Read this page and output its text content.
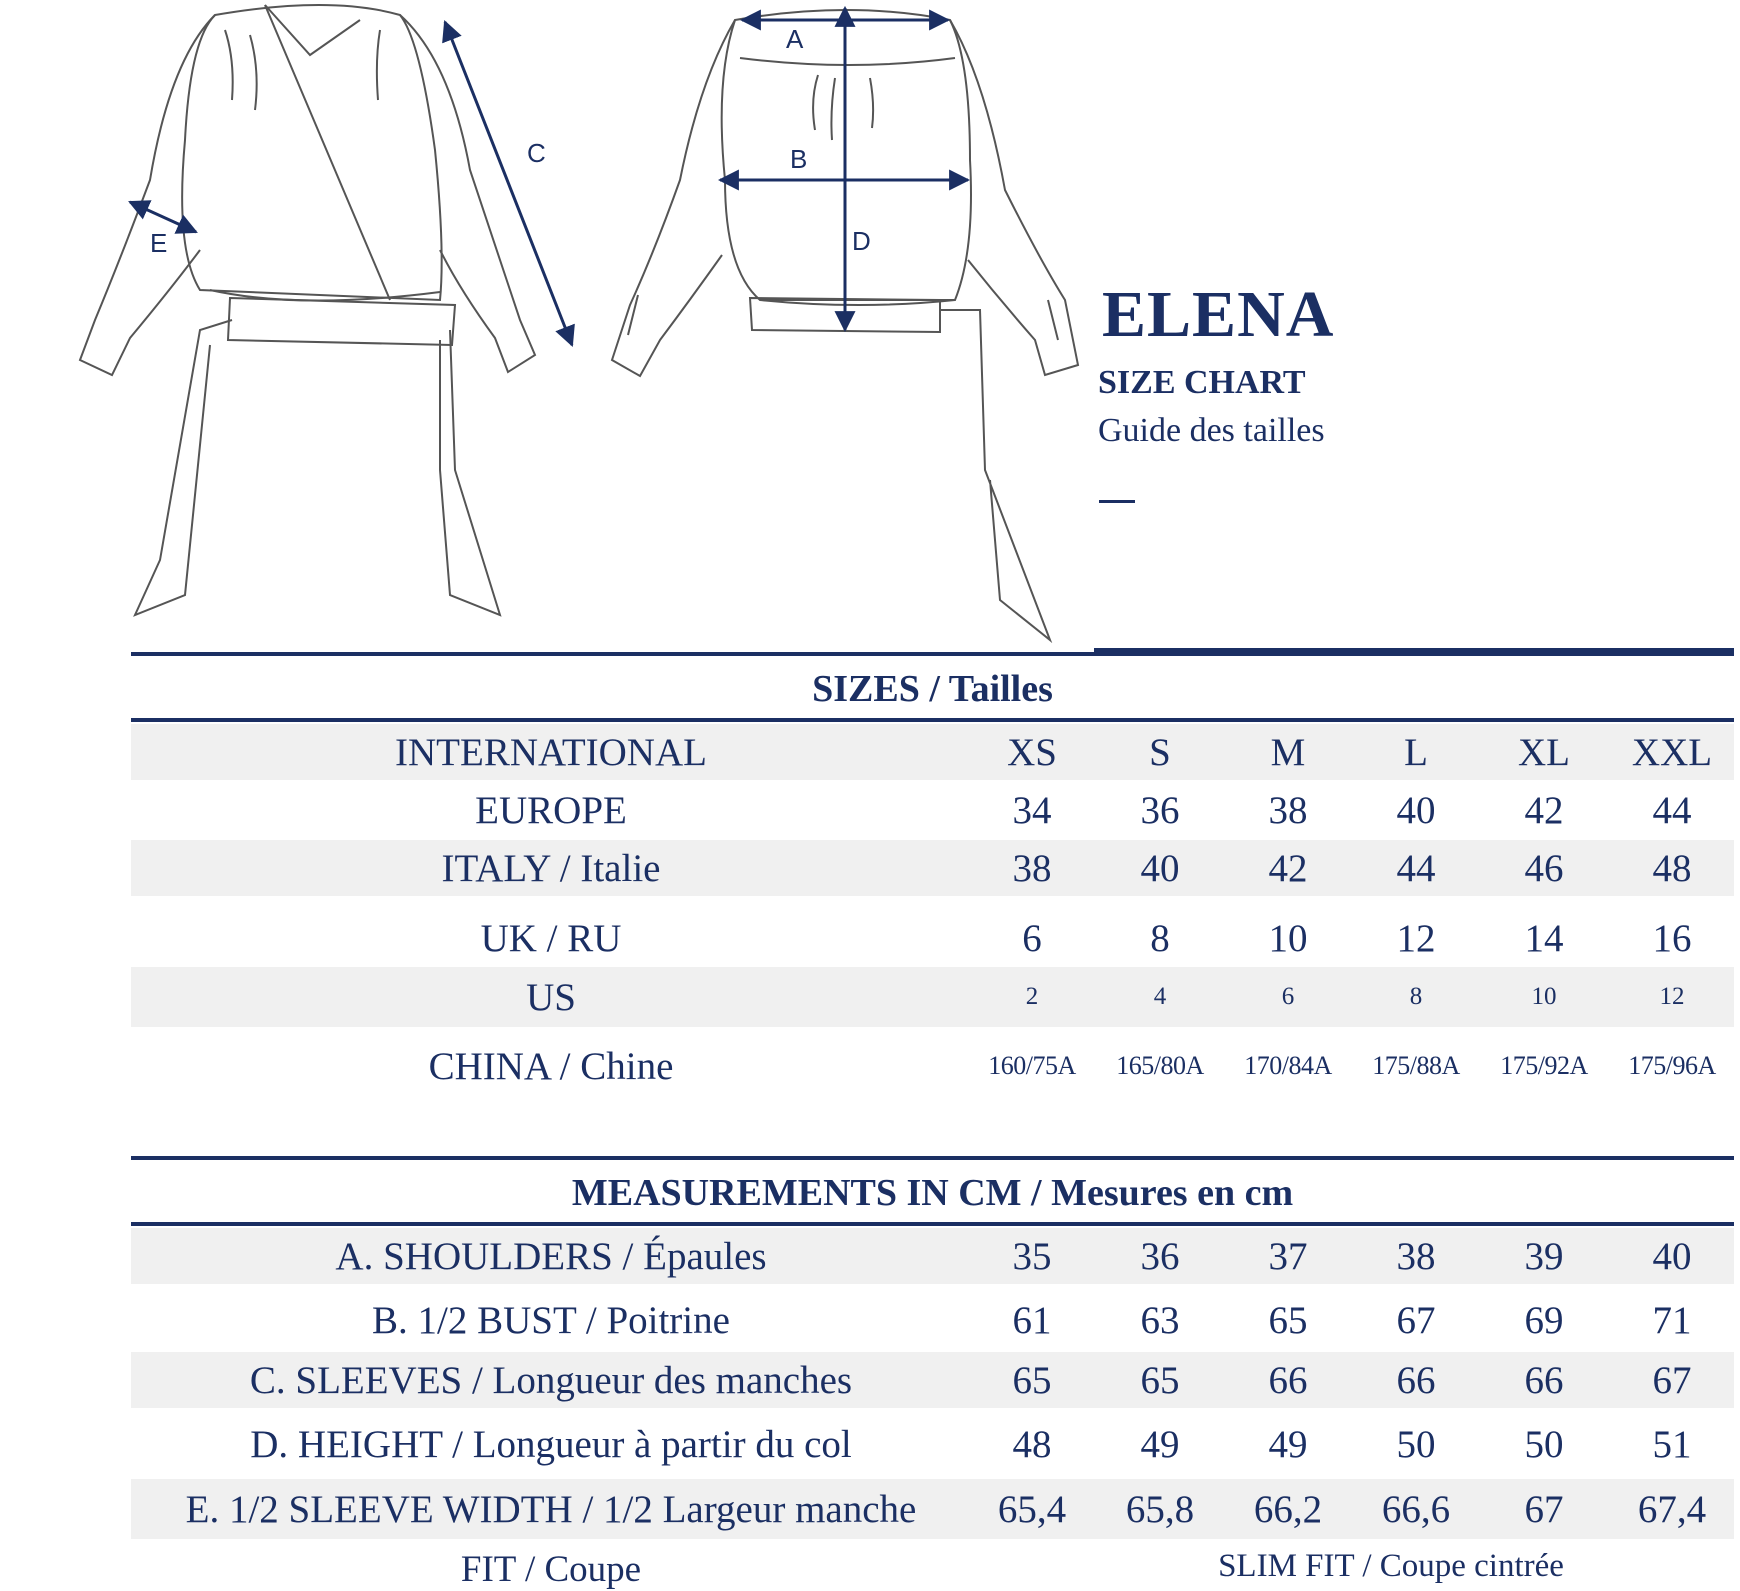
C
E
A
B
D
ELENA
SIZE CHART

Guide des tailles

SIZES / Tailles
INTERNATIONAL	XS	S	M	L	XL	XXL
EUROPE	34	36	38	40	42	44
ITALY / Italie	38	40	42	44	46	48
UK / RU	6	8	10	12	14	16
US	2	4	6	8	10	12
CHINA / Chine	160/75A	165/80A	170/84A	175/88A	175/92A	175/96A
MEASUREMENTS IN CM / Mesures en cm
A. SHOULDERS / Épaules	35	36	37	38	39	40
B. 1/2 BUST / Poitrine	61	63	65	67	69	71
C. SLEEVES / Longueur des manches	65	65	66	66	66	67
D. HEIGHT / Longueur à partir du col	48	49	49	50	50	51
E. 1/2 SLEEVE WIDTH / 1/2 Largeur manche	65,4	65,8	66,2	66,6	67	67,4
FIT / Coupe	SLIM FIT / Coupe cintrée
